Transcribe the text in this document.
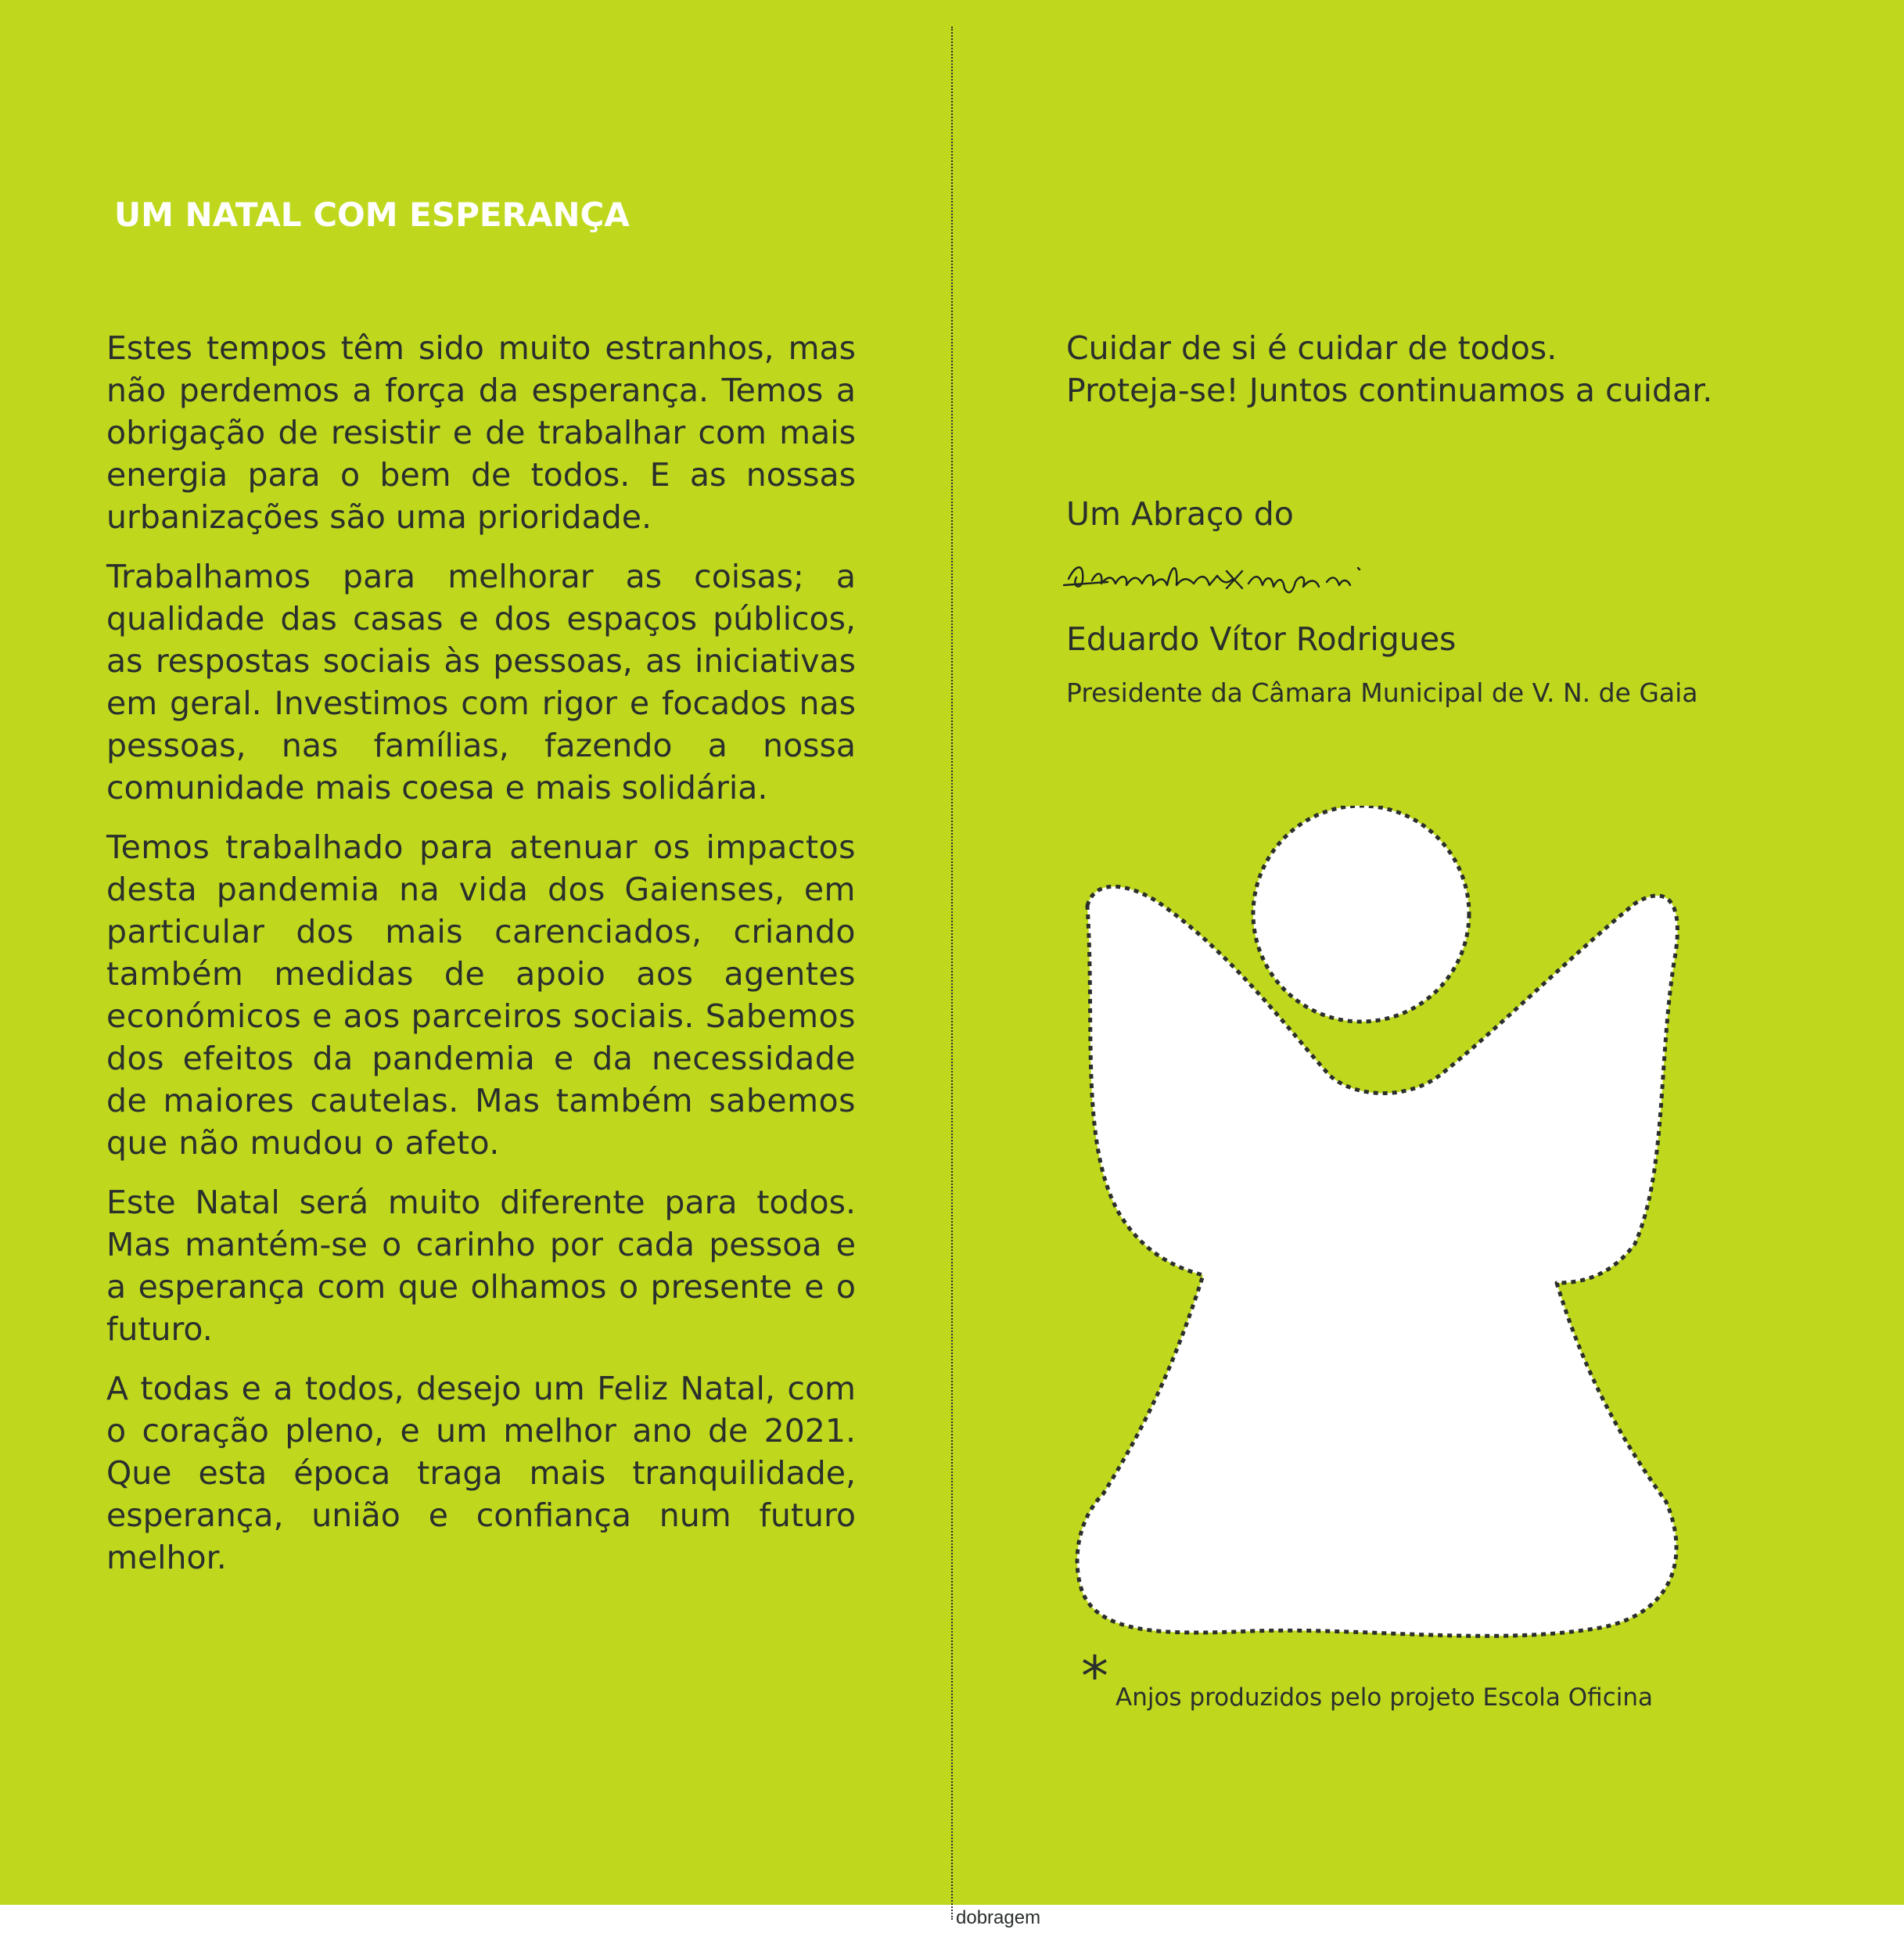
dobragem
UM NATAL COM ESPERANÇA

Estes tempos têm sido muito estranhos, mas não perdemos a força da esperança. Temos a obrigação de resistir e de trabalhar com mais energia para o bem de todos. E as nossas urbanizações são uma prioridade.

Trabalhamos para melhorar as coisas; a qualidade das casas e dos espaços públicos, as respostas sociais às pessoas, as iniciativas em geral. Investimos com rigor e focados nas pessoas, nas famílias, fazendo a nossa comunidade mais coesa e mais solidária.

Temos trabalhado para atenuar os impactos desta pandemia na vida dos Gaienses, em particular dos mais carenciados, criando também medidas de apoio aos agentes económicos e aos parceiros sociais. Sabemos dos efeitos da pandemia e da necessidade de maiores cautelas. Mas também sabemos que não mudou o afeto.

Este Natal será muito diferente para todos. Mas mantém-se o carinho por cada pessoa e a esperança com que olhamos o presente e o futuro.

A todas e a todos, desejo um Feliz Natal, com o coração pleno, e um melhor ano de 2021. Que esta época traga mais tranquilidade, esperança, união e confiança num futuro melhor.

Cuidar de si é cuidar de todos.

Proteja-se! Juntos continuamos a cuidar.

Um Abraço do
Eduardo Vítor Rodrigues
Presidente da Câmara Municipal de V. N. de Gaia
* Anjos produzidos pelo projeto Escola Oficina
